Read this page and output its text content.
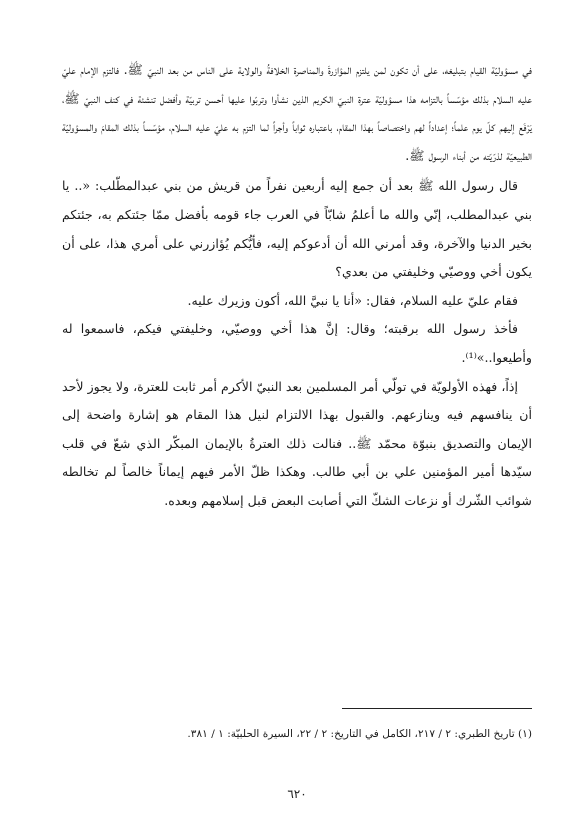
في مسؤوليّة القيام بتبليغه، على أن تكون لمن يلتزم المؤازرةَ والمناصرة الخلافةُ والولاية على الناس من بعد النبيّ ﷺ. فالتزم الإمام عليّ عليه السلام بذلك مؤسّساً بالتزامه هذا مسؤوليّة عترة النبيّ الكريم الذين نشأوا وتربّوا عليها أحسن تربيّة وأفضل تنشئة في كنف النبيّ ﷺ، يَرْفَع إليهم كلّ يوم علماً؛ إعداداً لهم واختصاصاً بهذا المقام، باعتباره ثواباً وأجراً لما التزم به عليّ عليه السلام، مؤسّساً بذلك المقامَ والمسؤوليّة الطبيعيّة لذرّيّته من أبناء الرسول ﷺ.

قال رسول الله ﷺ بعد أن جمع إليه أربعين نفراً من قريش من بني عبدالمطّلب: «.. يا بني عبدالمطلب، إنّي والله ما أعلمُ شابّاً في العرب جاء قومه بأفضل ممّا جئتكم به، جئتكم بخير الدنيا والآخرة، وقد أمرني الله أن أدعوكم إليه، فأيُّكم يُؤازرني على أمري هذا، على أن يكون أخي ووصيّي وخليفتي من بعدي؟

فقام عليّ عليه السلام، فقال: «أنا يا نبيَّ الله، أكون وزيرك عليه.

فأخذ رسول الله برقبته؛ وقال: إنَّ هذا أخي ووصيّي، وخليفتي فيكم، فاسمعوا له وأطيعوا..»⁽¹⁾.

إذاً، فهذه الأولويّة في تولّي أمر المسلمين بعد النبيّ الأكرم أمر ثابت للعترة، ولا يجوز لأحد أن ينافسهم فيه وينازعهم. والقبول بهذا الالتزام لنيل هذا المقام هو إشارة واضحة إلى الإيمان والتصديق بنبوّة محمّد ﷺ.. فنالت ذلك العترةُ بالإيمان المبكّر الذي شعّ في قلب سيّدها أمير المؤمنين علي بن أبي طالب. وهكذا ظلّ الأمر فيهم إيماناً خالصاً لم تخالطه شوائب الشّرك أو نزعات الشكّ التي أصابت البعض قبل إسلامهم وبعده.

(١) تاريخ الطبري: ٢ / ٢١٧، الكامل في التاريخ: ٢ / ٢٢، السيرة الحلبيّة: ١ / ٣٨١.
٦٢٠
